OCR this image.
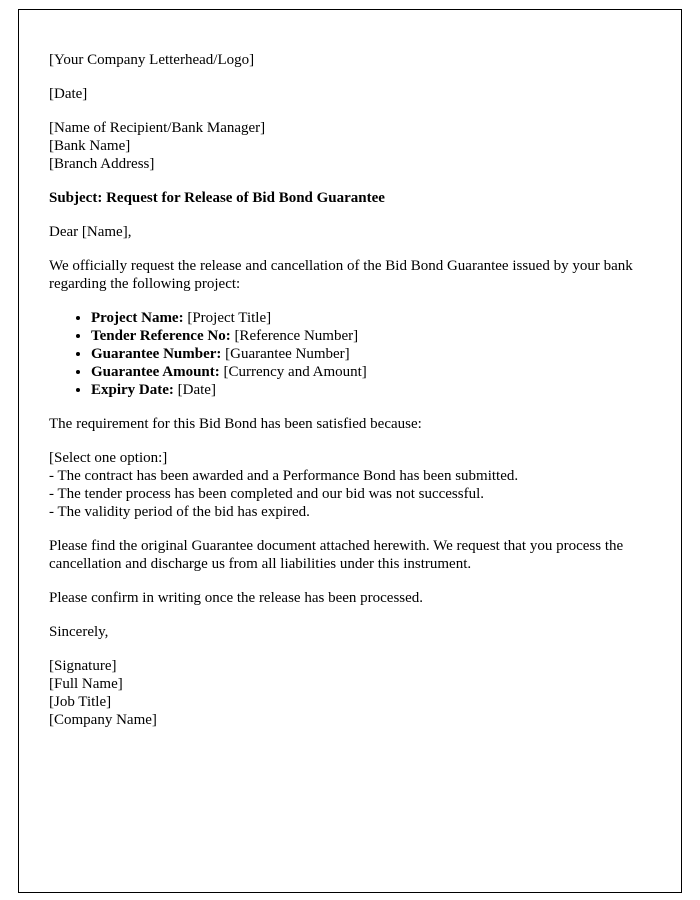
[Your Company Letterhead/Logo]

[Date]

[Name of Recipient/Bank Manager]
[Bank Name]
[Branch Address]

Subject: Request for Release of Bid Bond Guarantee

Dear [Name],

We officially request the release and cancellation of the Bid Bond Guarantee issued by your bank regarding the following project:

• Project Name: [Project Title]
• Tender Reference No: [Reference Number]
• Guarantee Number: [Guarantee Number]
• Guarantee Amount: [Currency and Amount]
• Expiry Date: [Date]

The requirement for this Bid Bond has been satisfied because:

[Select one option:]
- The contract has been awarded and a Performance Bond has been submitted.
- The tender process has been completed and our bid was not successful.
- The validity period of the bid has expired.

Please find the original Guarantee document attached herewith. We request that you process the cancellation and discharge us from all liabilities under this instrument.

Please confirm in writing once the release has been processed.

Sincerely,

[Signature]
[Full Name]
[Job Title]
[Company Name]
